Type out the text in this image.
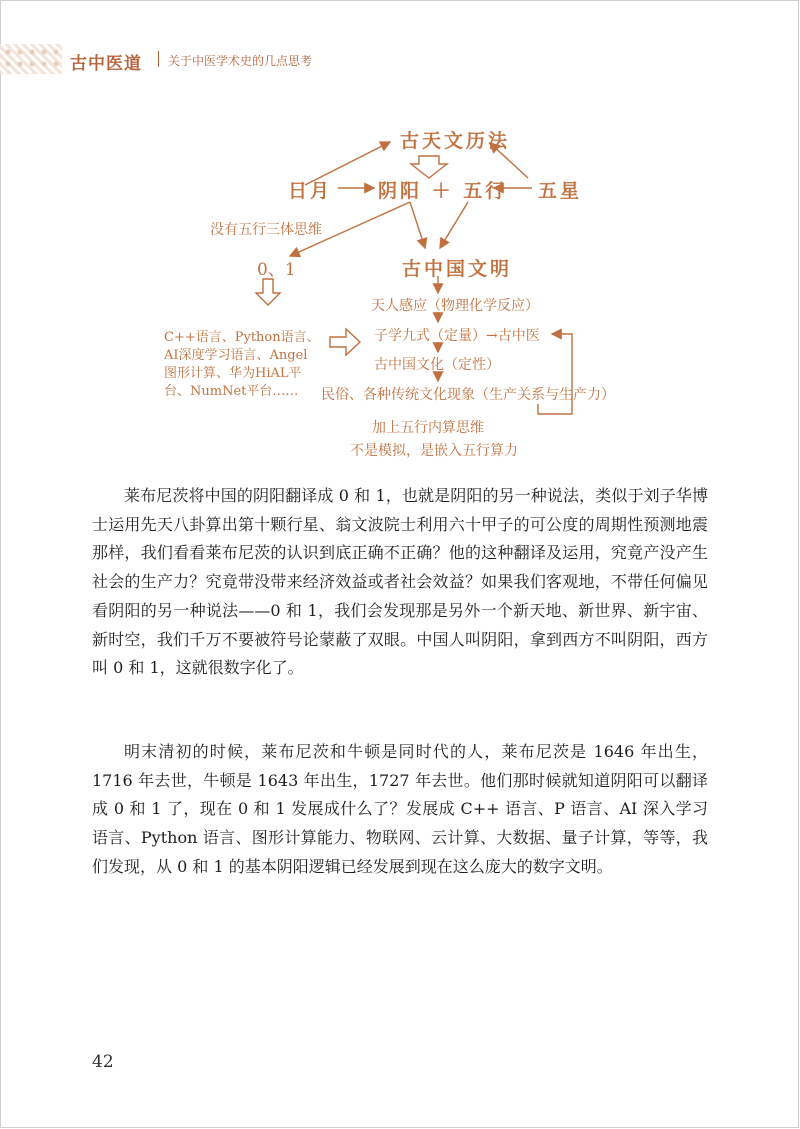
古中医道 关于中医学术史的几点思考
古天文历法
日月 阴阳 ＋ 五行 五星
没有五行三体思维
0、1	古中国文明
C++语言、Python语言、
AI深度学习语言、Angel
图形计算、华为HiAL平
台、NumNet平台……
天人感应（物理化学反应）
子学九式（定量）→古中医
古中国文化（定性）
民俗、各种传统文化现象（生产关系与生产力）
加上五行内算思维
不是模拟，是嵌入五行算力

莱布尼茨将中国的阴阳翻译成 0 和 1，也就是阴阳的另一种说法，类似于刘子华博士运用先天八卦算出第十颗行星、翁文波院士利用六十甲子的可公度的周期性预测地震那样，我们看看莱布尼茨的认识到底正确不正确？他的这种翻译及运用，究竟产没产生社会的生产力？究竟带没带来经济效益或者社会效益？如果我们客观地，不带任何偏见看阴阳的另一种说法——0 和 1，我们会发现那是另外一个新天地、新世界、新宇宙、新时空，我们千万不要被符号论蒙蔽了双眼。中国人叫阴阳，拿到西方不叫阴阳，西方叫 0 和 1，这就很数字化了。

明末清初的时候，莱布尼茨和牛顿是同时代的人，莱布尼茨是 1646 年出生，1716 年去世，牛顿是 1643 年出生，1727 年去世。他们那时候就知道阴阳可以翻译成 0 和 1 了，现在 0 和 1 发展成什么了？发展成 C++ 语言、P 语言、AI 深入学习语言、Python 语言、图形计算能力、物联网、云计算、大数据、量子计算，等等，我们发现，从 0 和 1 的基本阴阳逻辑已经发展到现在这么庞大的数字文明。

42
